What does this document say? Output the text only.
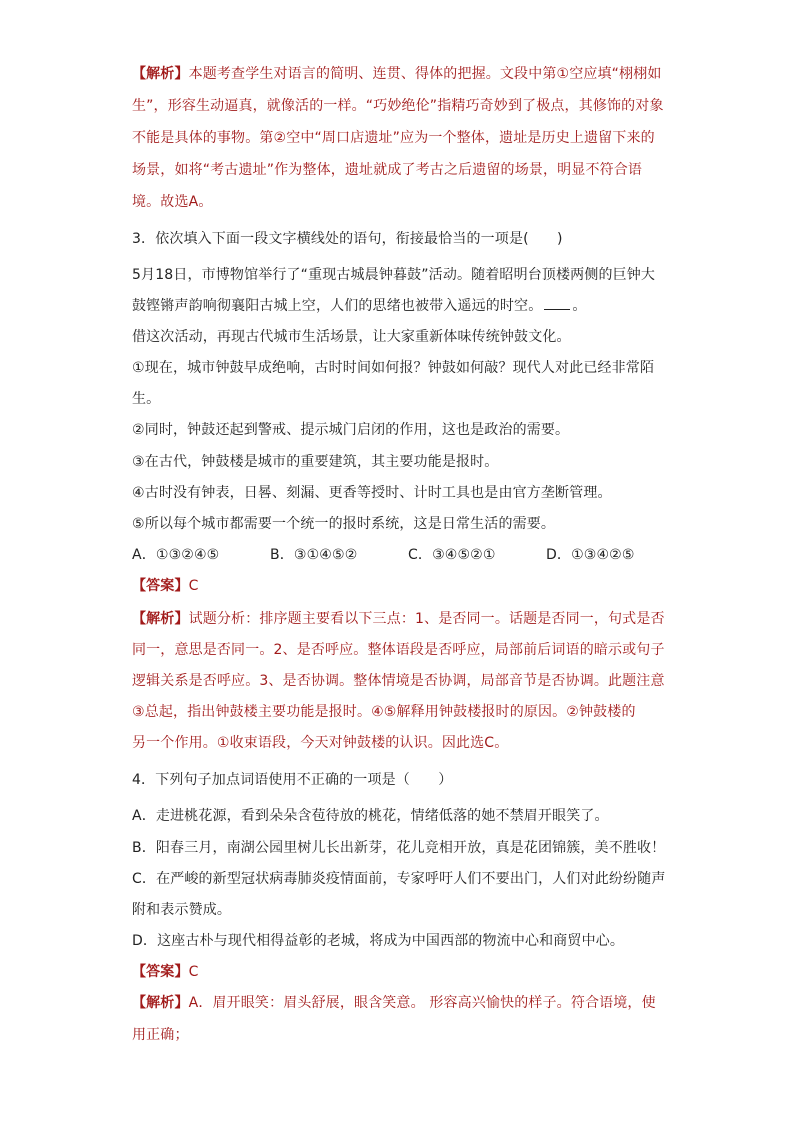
【解析】本题考查学生对语言的简明、连贯、得体的把握。文段中第①空应填“栩栩如
生”，形容生动逼真，就像活的一样。“巧妙绝伦”指精巧奇妙到了极点，其修饰的对象
不能是具体的事物。第②空中“周口店遗址”应为一个整体，遗址是历史上遗留下来的
场景，如将“考古遗址”作为整体，遗址就成了考古之后遗留的场景，明显不符合语
境。故选A。
3．依次填入下面一段文字横线处的语句，衔接最恰当的一项是(　　)
5月18日，市博物馆举行了“重现古城晨钟暮鼓”活动。随着昭明台顶楼两侧的巨钟大
鼓铿锵声韵响彻襄阳古城上空，人们的思绪也被带入遥远的时空。 。
借这次活动，再现古代城市生活场景，让大家重新体味传统钟鼓文化。
①现在，城市钟鼓早成绝响，古时时间如何报？钟鼓如何敲？现代人对此已经非常陌
生。
②同时，钟鼓还起到警戒、提示城门启闭的作用，这也是政治的需要。
③在古代，钟鼓楼是城市的重要建筑，其主要功能是报时。
④古时没有钟表，日晷、刻漏、更香等授时、计时工具也是由官方垄断管理。
⑤所以每个城市都需要一个统一的报时系统，这是日常生活的需要。
A．①③②④⑤	B．③①④⑤②	C．③④⑤②①	D．①③④②⑤
【答案】C
【解析】试题分析：排序题主要看以下三点：1、是否同一。话题是否同一，句式是否
同一，意思是否同一。2、是否呼应。整体语段是否呼应，局部前后词语的暗示或句子
逻辑关系是否呼应。3、是否协调。整体情境是否协调，局部音节是否协调。此题注意
③总起，指出钟鼓楼主要功能是报时。④⑤解释用钟鼓楼报时的原因。②钟鼓楼的
另一个作用。①收束语段，今天对钟鼓楼的认识。因此选C。
4．下列句子加点词语使用不正确的一项是（　　）
A．走进桃花源，看到朵朵含苞待放的桃花，情绪低落的她不禁眉开眼笑了。
B．阳春三月，南湖公园里树儿长出新芽，花儿竞相开放，真是花团锦簇，美不胜收！
C．在严峻的新型冠状病毒肺炎疫情面前，专家呼吁人们不要出门，人们对此纷纷随声
附和表示赞成。
D．这座古朴与现代相得益彰的老城，将成为中国西部的物流中心和商贸中心。
【答案】C
【解析】A．眉开眼笑：眉头舒展，眼含笑意。 形容高兴愉快的样子。符合语境，使
用正确；
